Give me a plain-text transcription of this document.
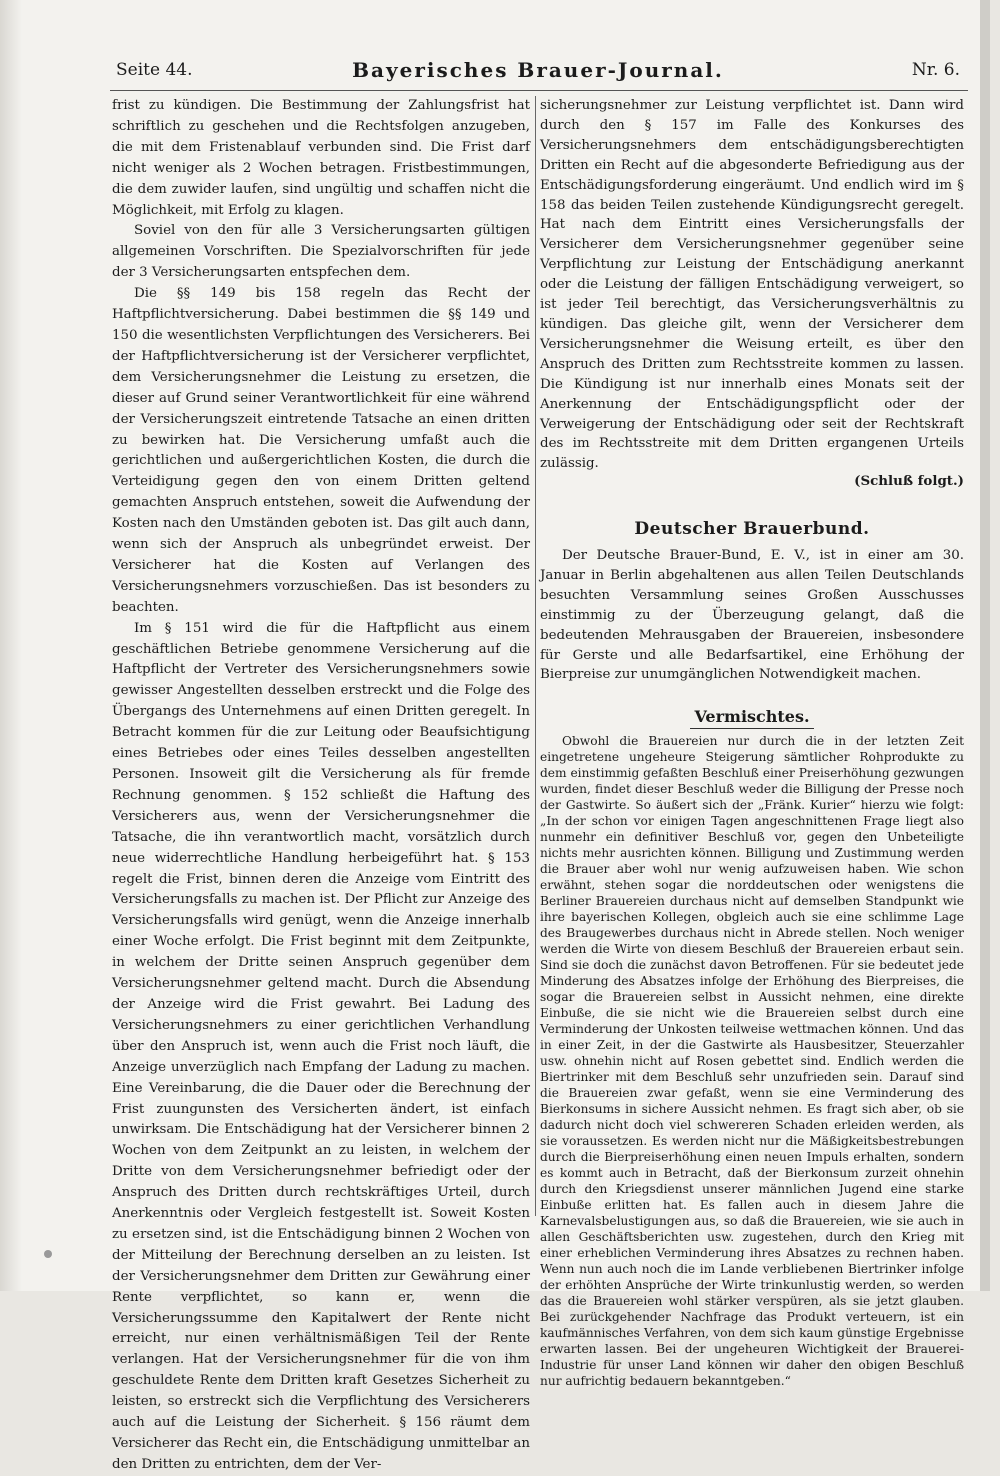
Seite 44.	Bayerisches Brauer-Journal.	Nr. 6.

frist zu kündigen. Die Bestimmung der Zahlungsfrist hat schriftlich zu geschehen und die Rechtsfolgen anzugeben, die mit dem Fristenablauf verbunden sind. Die Frist darf nicht weniger als 2 Wochen betragen. Fristbestimmungen, die dem zuwider laufen, sind ungültig und schaffen nicht die Möglichkeit, mit Erfolg zu klagen.

Soviel von den für alle 3 Versicherungsarten gültigen allgemeinen Vorschriften. Die Spezialvorschriften für jede der 3 Versicherungsarten entspfechen dem.

Die §§ 149 bis 158 regeln das Recht der Haftpflichtversicherung. Dabei bestimmen die §§ 149 und 150 die wesentlichsten Verpflichtungen des Versicherers. Bei der Haftpflichtversicherung ist der Versicherer verpflichtet, dem Versicherungsnehmer die Leistung zu ersetzen, die dieser auf Grund seiner Verantwortlichkeit für eine während der Versicherungszeit eintretende Tatsache an einen dritten zu bewirken hat. Die Versicherung umfaßt auch die gerichtlichen und außergerichtlichen Kosten, die durch die Verteidigung gegen den von einem Dritten geltend gemachten Anspruch entstehen, soweit die Aufwendung der Kosten nach den Umständen geboten ist. Das gilt auch dann, wenn sich der Anspruch als unbegründet erweist. Der Versicherer hat die Kosten auf Verlangen des Versicherungsnehmers vorzuschießen. Das ist besonders zu beachten.

Im § 151 wird die für die Haftpflicht aus einem geschäftlichen Betriebe genommene Versicherung auf die Haftpflicht der Vertreter des Versicherungsnehmers sowie gewisser Angestellten desselben erstreckt und die Folge des Übergangs des Unternehmens auf einen Dritten geregelt. In Betracht kommen für die zur Leitung oder Beaufsichtigung eines Betriebes oder eines Teiles desselben angestellten Personen. Insoweit gilt die Versicherung als für fremde Rechnung genommen. § 152 schließt die Haftung des Versicherers aus, wenn der Versicherungsnehmer die Tatsache, die ihn verantwortlich macht, vorsätzlich durch neue widerrechtliche Handlung herbeigeführt hat. § 153 regelt die Frist, binnen deren die Anzeige vom Eintritt des Versicherungsfalls zu machen ist. Der Pflicht zur Anzeige des Versicherungsfalls wird genügt, wenn die Anzeige innerhalb einer Woche erfolgt. Die Frist beginnt mit dem Zeitpunkte, in welchem der Dritte seinen Anspruch gegenüber dem Versicherungsnehmer geltend macht. Durch die Absendung der Anzeige wird die Frist gewahrt. Bei Ladung des Versicherungsnehmers zu einer gerichtlichen Verhandlung über den Anspruch ist, wenn auch die Frist noch läuft, die Anzeige unverzüglich nach Empfang der Ladung zu machen. Eine Vereinbarung, die die Dauer oder die Berechnung der Frist zuungunsten des Versicherten ändert, ist einfach unwirksam. Die Entschädigung hat der Versicherer binnen 2 Wochen von dem Zeitpunkt an zu leisten, in welchem der Dritte von dem Versicherungsnehmer befriedigt oder der Anspruch des Dritten durch rechtskräftiges Urteil, durch Anerkenntnis oder Vergleich festgestellt ist. Soweit Kosten zu ersetzen sind, ist die Entschädigung binnen 2 Wochen von der Mitteilung der Berechnung derselben an zu leisten. Ist der Versicherungsnehmer dem Dritten zur Gewährung einer Rente verpflichtet, so kann er, wenn die Versicherungssumme den Kapitalwert der Rente nicht erreicht, nur einen verhältnismäßigen Teil der Rente verlangen. Hat der Versicherungsnehmer für die von ihm geschuldete Rente dem Dritten kraft Gesetzes Sicherheit zu leisten, so erstreckt sich die Verpflichtung des Versicherers auch auf die Leistung der Sicherheit. § 156 räumt dem Versicherer das Recht ein, die Entschädigung unmittelbar an den Dritten zu entrichten, dem der Ver-

sicherungsnehmer zur Leistung verpflichtet ist. Dann wird durch den § 157 im Falle des Konkurses des Versicherungsnehmers dem entschädigungsberechtigten Dritten ein Recht auf die abgesonderte Befriedigung aus der Entschädigungsforderung eingeräumt. Und endlich wird im § 158 das beiden Teilen zustehende Kündigungsrecht geregelt. Hat nach dem Eintritt eines Versicherungsfalls der Versicherer dem Versicherungsnehmer gegenüber seine Verpflichtung zur Leistung der Entschädigung anerkannt oder die Leistung der fälligen Entschädigung verweigert, so ist jeder Teil berechtigt, das Versicherungsverhältnis zu kündigen. Das gleiche gilt, wenn der Versicherer dem Versicherungsnehmer die Weisung erteilt, es über den Anspruch des Dritten zum Rechtsstreite kommen zu lassen. Die Kündigung ist nur innerhalb eines Monats seit der Anerkennung der Entschädigungspflicht oder der Verweigerung der Entschädigung oder seit der Rechtskraft des im Rechtsstreite mit dem Dritten ergangenen Urteils zulässig.

(Schluß folgt.)
Deutscher Brauerbund.

Der Deutsche Brauer-Bund, E. V., ist in einer am 30. Januar in Berlin abgehaltenen aus allen Teilen Deutschlands besuchten Versammlung seines Großen Ausschusses einstimmig zu der Überzeugung gelangt, daß die bedeutenden Mehrausgaben der Brauereien, insbesondere für Gerste und alle Bedarfsartikel, eine Erhöhung der Bierpreise zur unumgänglichen Notwendigkeit machen.

Vermischtes.

Obwohl die Brauereien nur durch die in der letzten Zeit eingetretene ungeheure Steigerung sämtlicher Rohprodukte zu dem einstimmig gefaßten Beschluß einer Preiserhöhung gezwungen wurden, findet dieser Beschluß weder die Billigung der Presse noch der Gastwirte. So äußert sich der „Fränk. Kurier“ hierzu wie folgt: „In der schon vor einigen Tagen angeschnittenen Frage liegt also nunmehr ein definitiver Beschluß vor, gegen den Unbeteiligte nichts mehr ausrichten können. Billigung und Zustimmung werden die Brauer aber wohl nur wenig aufzuweisen haben. Wie schon erwähnt, stehen sogar die norddeutschen oder wenigstens die Berliner Brauereien durchaus nicht auf demselben Standpunkt wie ihre bayerischen Kollegen, obgleich auch sie eine schlimme Lage des Braugewerbes durchaus nicht in Abrede stellen. Noch weniger werden die Wirte von diesem Beschluß der Brauereien erbaut sein. Sind sie doch die zunächst davon Betroffenen. Für sie bedeutet jede Minderung des Absatzes infolge der Erhöhung des Bierpreises, die sogar die Brauereien selbst in Aussicht nehmen, eine direkte Einbuße, die sie nicht wie die Brauereien selbst durch eine Verminderung der Unkosten teilweise wettmachen können. Und das in einer Zeit, in der die Gastwirte als Hausbesitzer, Steuerzahler usw. ohnehin nicht auf Rosen gebettet sind. Endlich werden die Biertrinker mit dem Beschluß sehr unzufrieden sein. Darauf sind die Brauereien zwar gefaßt, wenn sie eine Verminderung des Bierkonsums in sichere Aussicht nehmen. Es fragt sich aber, ob sie dadurch nicht doch viel schwereren Schaden erleiden werden, als sie voraussetzen. Es werden nicht nur die Mäßigkeitsbestrebungen durch die Bierpreiserhöhung einen neuen Impuls erhalten, sondern es kommt auch in Betracht, daß der Bierkonsum zurzeit ohnehin durch den Kriegsdienst unserer männlichen Jugend eine starke Einbuße erlitten hat. Es fallen auch in diesem Jahre die Karnevalsbelustigungen aus, so daß die Brauereien, wie sie auch in allen Geschäftsberichten usw. zugestehen, durch den Krieg mit einer erheblichen Verminderung ihres Absatzes zu rechnen haben. Wenn nun auch noch die im Lande verbliebenen Biertrinker infolge der erhöhten Ansprüche der Wirte trinkunlustig werden, so werden das die Brauereien wohl stärker verspüren, als sie jetzt glauben. Bei zurückgehender Nachfrage das Produkt verteuern, ist ein kaufmännisches Verfahren, von dem sich kaum günstige Ergebnisse erwarten lassen. Bei der ungeheuren Wichtigkeit der Brauerei-Industrie für unser Land können wir daher den obigen Beschluß nur aufrichtig bedauern bekanntgeben.“
